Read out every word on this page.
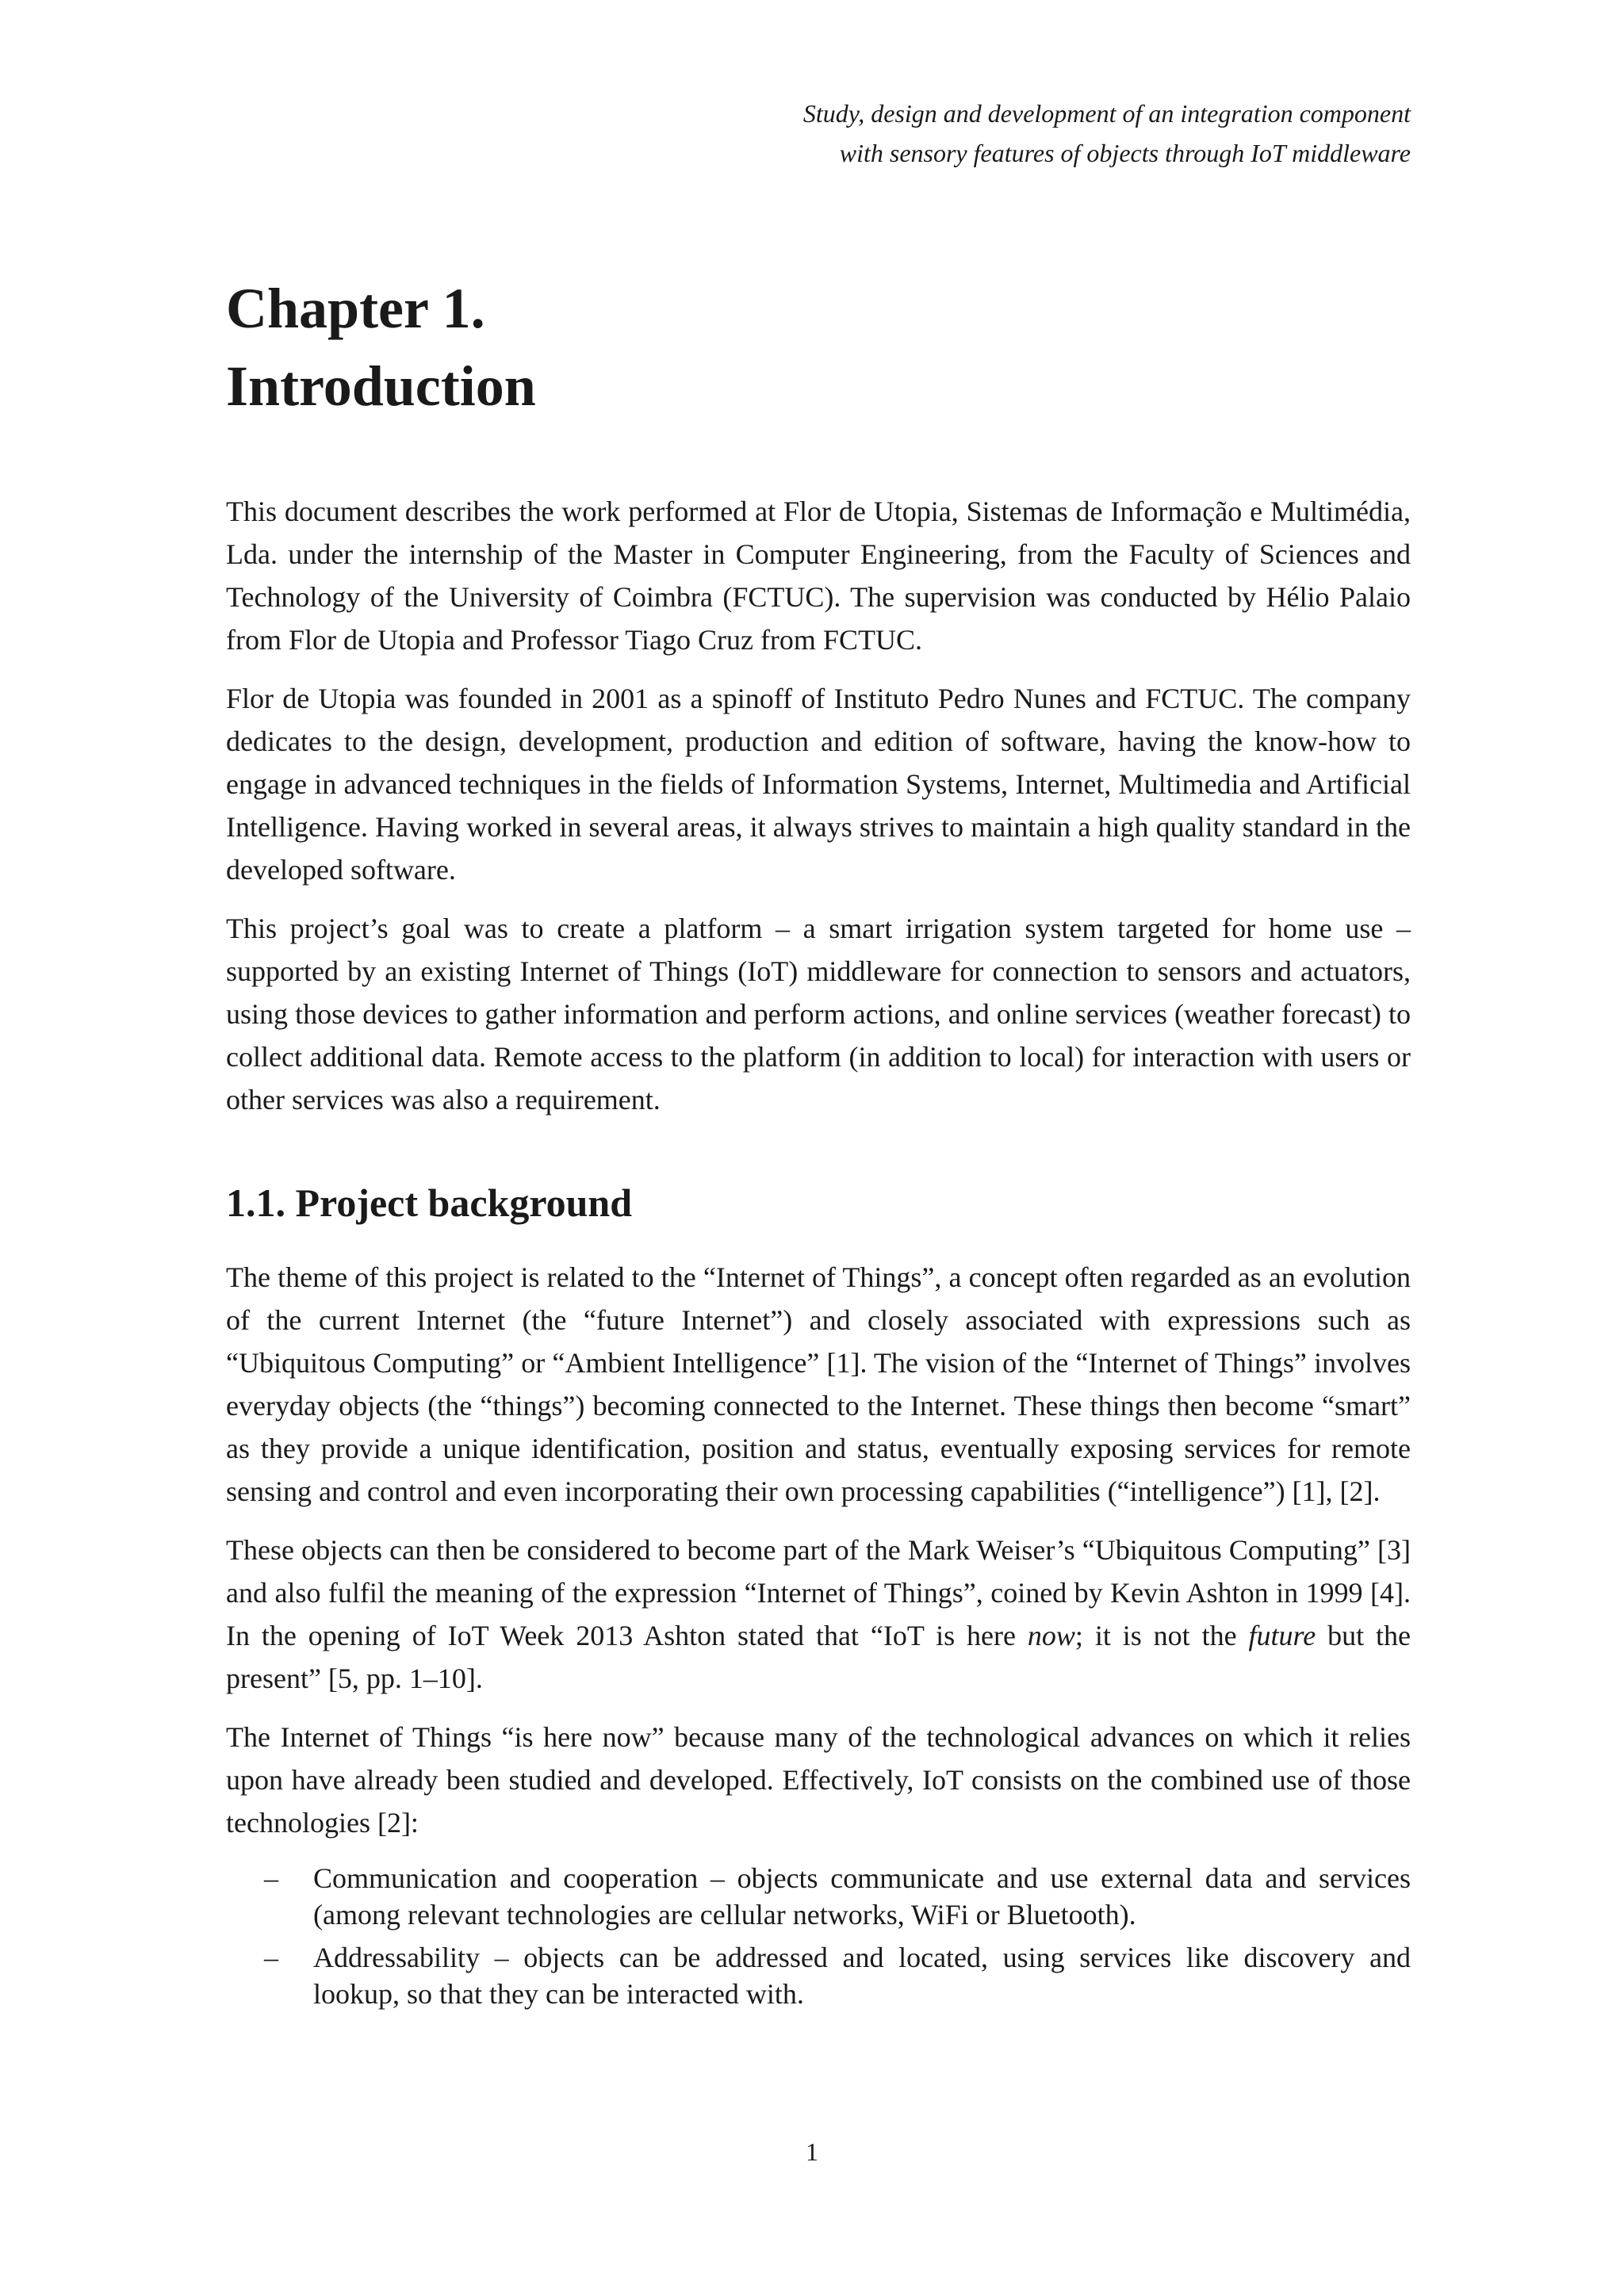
Study, design and development of an integration component
with sensory features of objects through IoT middleware
Chapter 1.
Introduction

This document describes the work performed at Flor de Utopia, Sistemas de Informação e Multimédia, Lda. under the internship of the Master in Computer Engineering, from the Faculty of Sciences and Technology of the University of Coimbra (FCTUC). The supervision was conducted by Hélio Palaio from Flor de Utopia and Professor Tiago Cruz from FCTUC.

Flor de Utopia was founded in 2001 as a spinoff of Instituto Pedro Nunes and FCTUC. The company dedicates to the design, development, production and edition of software, having the know-how to engage in advanced techniques in the fields of Information Systems, Internet, Multimedia and Artificial Intelligence. Having worked in several areas, it always strives to maintain a high quality standard in the developed software.

This project’s goal was to create a platform – a smart irrigation system targeted for home use – supported by an existing Internet of Things (IoT) middleware for connection to sensors and actuators, using those devices to gather information and perform actions, and online services (weather forecast) to collect additional data. Remote access to the platform (in addition to local) for interaction with users or other services was also a requirement.

1.1. Project background

The theme of this project is related to the “Internet of Things”, a concept often regarded as an evolution of the current Internet (the “future Internet”) and closely associated with expressions such as “Ubiquitous Computing” or “Ambient Intelligence” [1]. The vision of the “Internet of Things” involves everyday objects (the “things”) becoming connected to the Internet. These things then become “smart” as they provide a unique identification, position and status, eventually exposing services for remote sensing and control and even incorporating their own processing capabilities (“intelligence”) [1], [2].

These objects can then be considered to become part of the Mark Weiser’s “Ubiquitous Computing” [3] and also fulfil the meaning of the expression “Internet of Things”, coined by Kevin Ashton in 1999 [4]. In the opening of IoT Week 2013 Ashton stated that “IoT is here now; it is not the future but the present” [5, pp. 1–10].

The Internet of Things “is here now” because many of the technological advances on which it relies upon have already been studied and developed. Effectively, IoT consists on the combined use of those technologies [2]:

– Communication and cooperation – objects communicate and use external data and services (among relevant technologies are cellular networks, WiFi or Bluetooth).
– Addressability – objects can be addressed and located, using services like discovery and lookup, so that they can be interacted with.
1
